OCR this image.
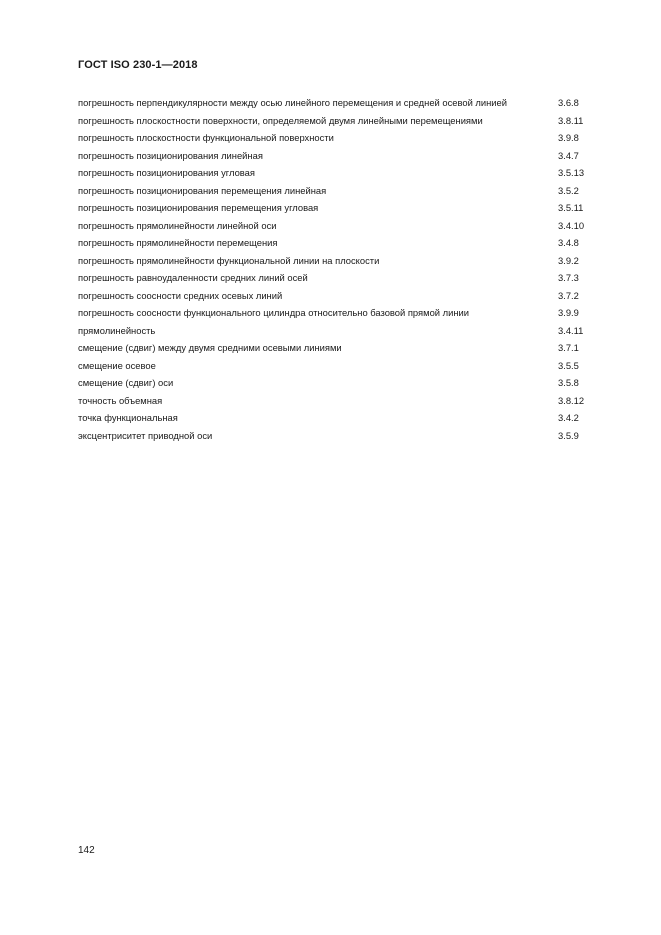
ГОСТ ISO 230-1—2018
погрешность перпендикулярности между осью линейного перемещения и средней осевой линией	3.6.8
погрешность плоскостности поверхности, определяемой двумя линейными перемещениями	3.8.11
погрешность плоскостности функциональной поверхности	3.9.8
погрешность позиционирования линейная	3.4.7
погрешность позиционирования угловая	3.5.13
погрешность позиционирования перемещения линейная	3.5.2
погрешность позиционирования перемещения угловая	3.5.11
погрешность прямолинейности линейной оси	3.4.10
погрешность прямолинейности перемещения	3.4.8
погрешность прямолинейности функциональной линии на плоскости	3.9.2
погрешность равноудаленности средних линий осей	3.7.3
погрешность соосности средних осевых линий	3.7.2
погрешность соосности функционального цилиндра относительно базовой прямой линии	3.9.9
прямолинейность	3.4.11
смещение (сдвиг) между двумя средними осевыми линиями	3.7.1
смещение осевое	3.5.5
смещение (сдвиг) оси	3.5.8
точность объемная	3.8.12
точка функциональная	3.4.2
эксцентриситет приводной оси	3.5.9
142
